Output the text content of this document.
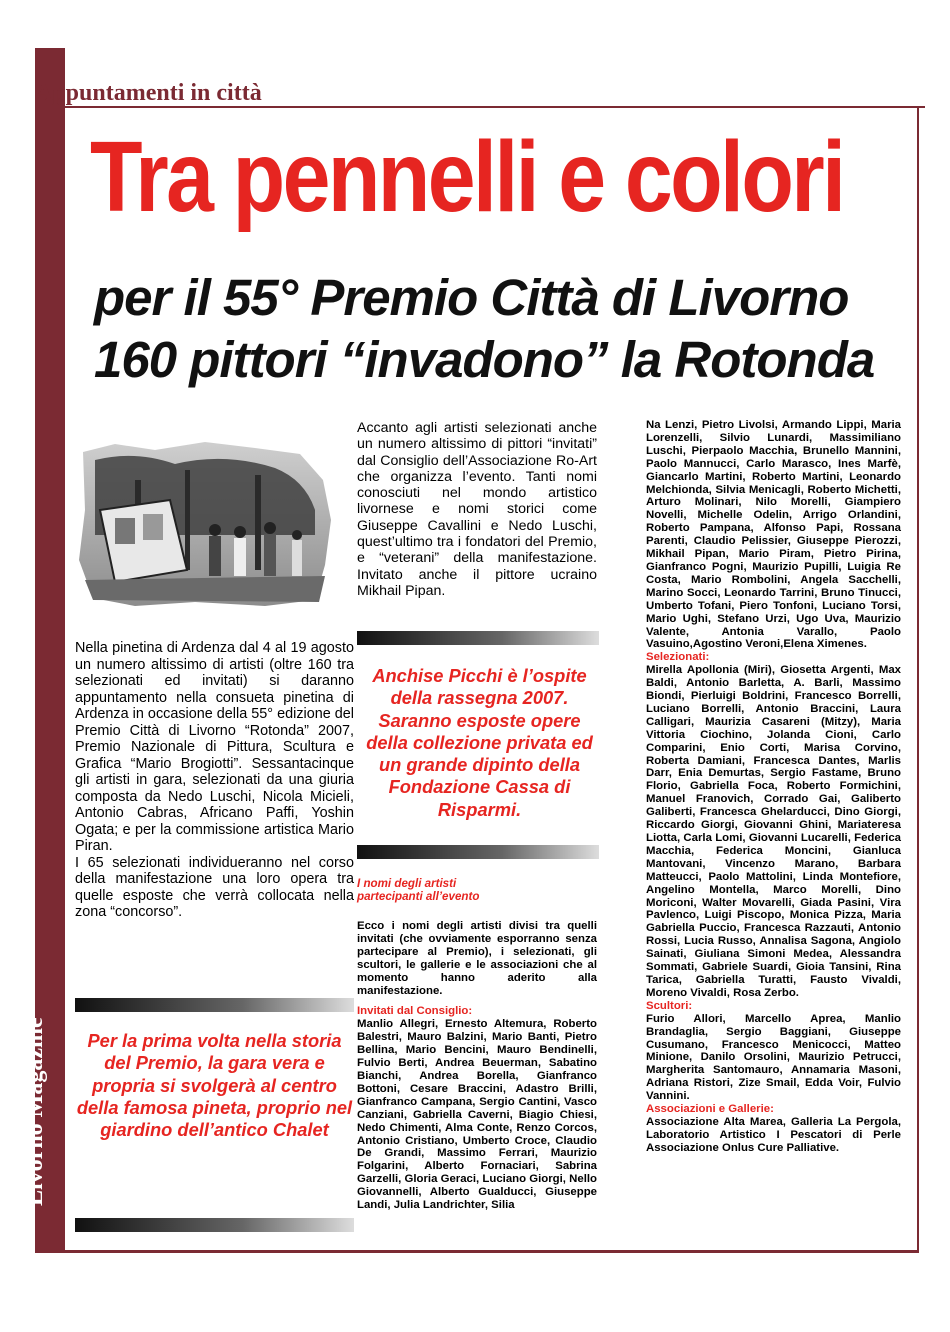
Livorno Magazine
Appuntamenti in città
Tra pennelli e colori
per il 55° Premio Città di Livorno
160 pittori “invadono” la Rotonda

Accanto agli artisti selezionati anche un numero altissimo di pittori “invitati” dal Consiglio dell’Associazione Ro-Art che organizza l’evento. Tanti nomi conosciuti nel mondo artistico livornese e nomi storici come Giuseppe Cavallini e Nedo Luschi, quest’ultimo tra i fondatori del Premio, e “veterani” della manifestazione. Invitato anche il pittore ucraino Mikhail Pipan.

Anchise Picchi è l’ospite della rassegna 2007. Saranno esposte opere della collezione privata ed un grande dipinto della Fondazione Cassa di Risparmi.

Nella pinetina di Ardenza dal 4 al 19 agosto un numero altissimo di artisti (oltre 160 tra selezionati ed invitati) si daranno appuntamento nella consueta pinetina di Ardenza in occasione della 55° edizione del Premio Città di Livorno “Rotonda” 2007, Premio Nazionale di Pittura, Scultura e Grafica “Mario Brogiotti”. Sessantacinque gli artisti in gara, selezionati da una giuria composta da Nedo Luschi, Nicola Micieli, Antonio Cabras, Africano Paffi, Yoshin Ogata; e per la commissione artistica Mario Piran.

I 65 selezionati individueranno nel corso della manifestazione una loro opera tra quelle esposte che verrà collocata nella zona “concorso”.

Per la prima volta nella storia del Premio, la gara vera e propria si svolgerà al centro della famosa pineta, proprio nel giardino dell’antico Chalet
I nomi degli artisti
partecipanti all’evento

Ecco i nomi degli artisti divisi tra quelli invitati (che ovviamente esporranno senza partecipare al Premio), i selezionati, gli scultori, le gallerie e le associazioni che al momento hanno aderito alla manifestazione.

Invitati dal Consiglio:

Manlio Allegri, Ernesto Altemura, Roberto Balestri, Mauro Balzini, Mario Banti, Pietro Bellina, Mario Bencini, Mauro Bendinelli, Fulvio Berti, Andrea Beuerman, Sabatino Bianchi, Andrea Borella, Gianfranco Bottoni, Cesare Braccini, Adastro Brilli, Gianfranco Campana, Sergio Cantini, Vasco Canziani, Gabriella Caverni, Biagio Chiesi, Nedo Chimenti, Alma Conte, Renzo Corcos, Antonio Cristiano, Umberto Croce, Claudio De Grandi, Massimo Ferrari, Maurizio Folgarini, Alberto Fornaciari, Sabrina Garzelli, Gloria Geraci, Luciano Giorgi, Nello Giovannelli, Alberto Gualducci, Giuseppe Landi, Julia Landrichter, Silia

Na Lenzi, Pietro Livolsi, Armando Lippi, Maria Lorenzelli, Silvio Lunardi, Massimiliano Luschi, Pierpaolo Macchia, Brunello Mannini, Paolo Mannucci, Carlo Marasco, Ines Marfè, Giancarlo Martini, Roberto Martini, Leonardo Melchionda, Silvia Menicagli, Roberto Michetti, Arturo Molinari, Nilo Morelli, Giampiero Novelli, Michelle Odelin, Arrigo Orlandini, Roberto Pampana, Alfonso Papi, Rossana Parenti, Claudio Pelissier, Giuseppe Pierozzi, Mikhail Pipan, Mario Piram, Pietro Pirina, Gianfranco Pogni, Maurizio Pupilli, Luigia Re Costa, Mario Rombolini, Angela Sacchelli, Marino Socci, Leonardo Tarrini, Bruno Tinucci, Umberto Tofani, Piero Tonfoni, Luciano Torsi, Mario Ughi, Stefano Urzi, Ugo Uva, Maurizio Valente, Antonia Varallo, Paolo Vasuino,Agostino Veroni,Elena Ximenes.

Selezionati:

Mirella Apollonia (Miri), Giosetta Argenti, Max Baldi, Antonio Barletta, A. Barli, Massimo Biondi, Pierluigi Boldrini, Francesco Borrelli, Luciano Borrelli, Antonio Braccini, Laura Calligari, Maurizia Casareni (Mitzy), Maria Vittoria Ciochino, Jolanda Cioni, Carlo Comparini, Enio Corti, Marisa Corvino, Roberta Damiani, Francesca Dantes, Marlis Darr, Enia Demurtas, Sergio Fastame, Bruno Florio, Gabriella Foca, Roberto Formichini, Manuel Franovich, Corrado Gai, Galiberto Galiberti, Francesca Ghelarducci, Dino Giorgi, Riccardo Giorgi, Giovanni Ghini, Mariateresa Liotta, Carla Lomi, Giovanni Lucarelli, Federica Macchia, Federica Moncini, Gianluca Mantovani, Vincenzo Marano, Barbara Matteucci, Paolo Mattolini, Linda Montefiore, Angelino Montella, Marco Morelli, Dino Moriconi, Walter Movarelli, Giada Pasini, Vira Pavlenco, Luigi Piscopo, Monica Pizza, Maria Gabriella Puccio, Francesca Razzauti, Antonio Rossi, Lucia Russo, Annalisa Sagona, Angiolo Sainati, Giuliana Simoni Medea, Alessandra Sommati, Gabriele Suardi, Gioia Tansini, Rina Tarica, Gabriella Turatti, Fausto Vivaldi, Moreno Vivaldi, Rosa Zerbo.

Scultori:

Furio Allori, Marcello Aprea, Manlio Brandaglia, Sergio Baggiani, Giuseppe Cusumano, Francesco Menicocci, Matteo Minione, Danilo Orsolini, Maurizio Petrucci, Margherita Santomauro, Annamaria Masoni, Adriana Ristori, Zize Smail, Edda Voir, Fulvio Vannini.

Associazioni e Gallerie:

Associazione Alta Marea, Galleria La Pergola, Laboratorio Artistico I Pescatori di Perle Associazione Onlus Cure Palliative.
